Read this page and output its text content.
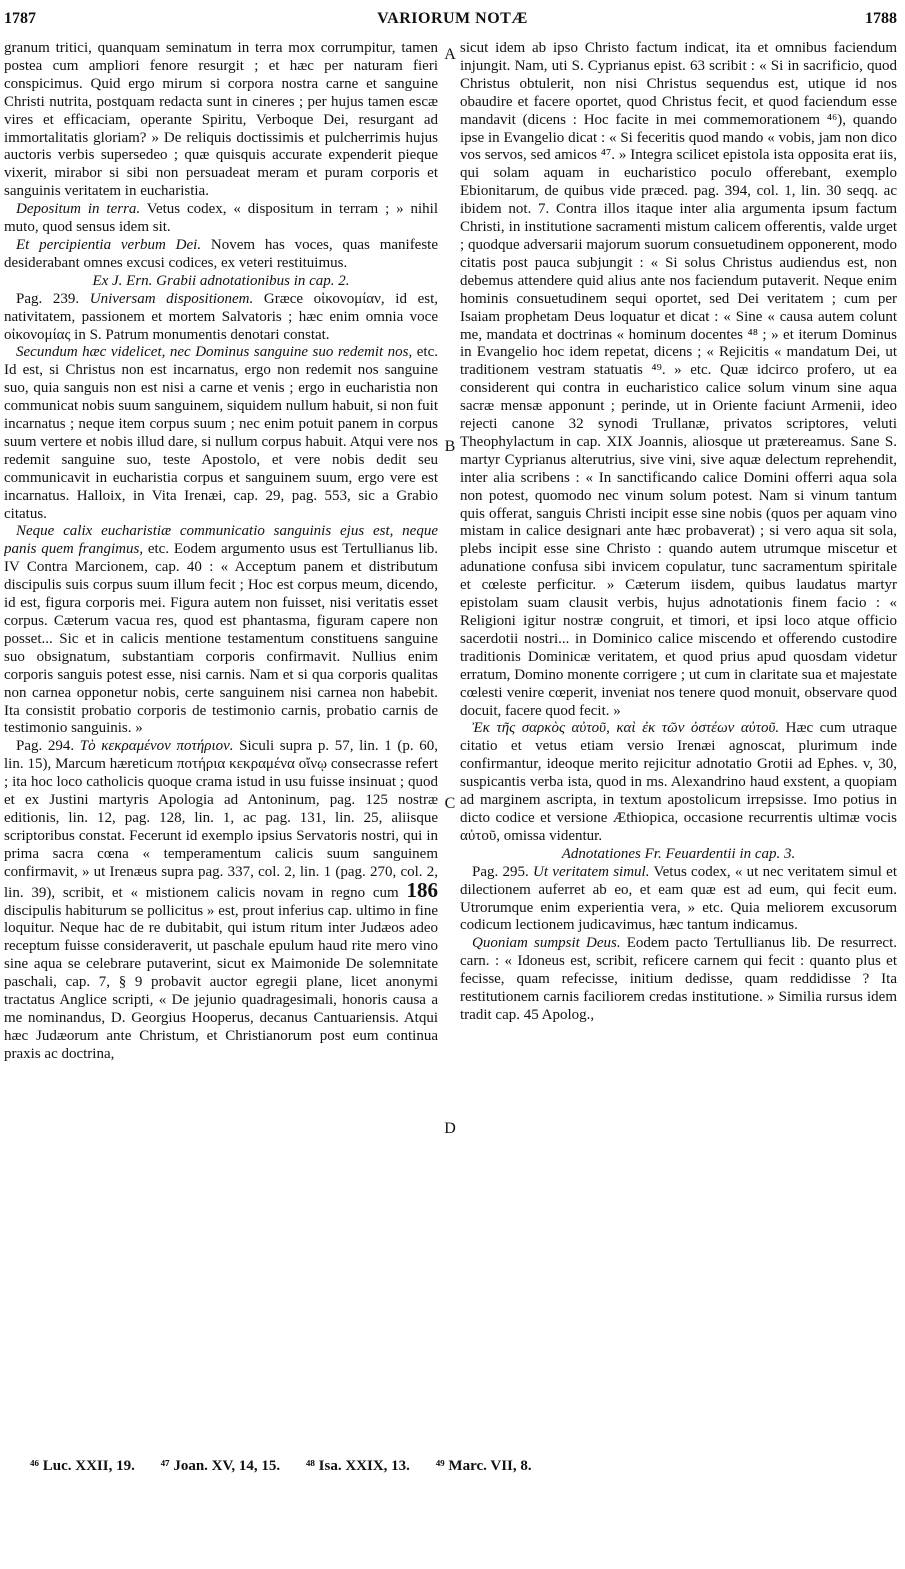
1787	VARIORUM NOTÆ	1788

granum tritici, quanquam seminatum in terra mox corrumpitur, tamen postea cum ampliori fenore resurgit ; et hæc per naturam fieri conspicimus. Quid ergo mirum si corpora nostra carne et sanguine Christi nutrita, postquam redacta sunt in cineres ; per hujus tamen escæ vires et efficaciam, operante Spiritu, Verboque Dei, resurgant ad immortalitatis gloriam? » De reliquis doctissimis et pulcherrimis hujus auctoris verbis supersedeo ; quæ quisquis accurate expenderit pieque vixerit, mirabor si sibi non persuadeat meram et puram corporis et sanguinis veritatem in eucharistia.

Depositum in terra. Vetus codex, « dispositum in terram ; » nihil muto, quod sensus idem sit.

Et percipientia verbum Dei. Novem has voces, quas manifeste desiderabant omnes excusi codices, ex veteri restituimus.

Ex J. Ern. Grabii adnotationibus in cap. 2.

Pag. 239. Universam dispositionem. Græce οἰκονομίαν, id est, nativitatem, passionem et mortem Salvatoris ; hæc enim omnia voce οἰκονομίας in S. Patrum monumentis denotari constat.

Secundum hæc videlicet, nec Dominus sanguine suo redemit nos, etc. Id est, si Christus non est incarnatus, ergo non redemit nos sanguine suo, quia sanguis non est nisi a carne et venis ; ergo in eucharistia non communicat nobis suum sanguinem, siquidem nullum habuit, si non fuit incarnatus ; neque item corpus suum ; nec enim potuit panem in corpus suum vertere et nobis illud dare, si nullum corpus habuit. Atqui vere nos redemit sanguine suo, teste Apostolo, et vere nobis dedit seu communicavit in eucharistia corpus et sanguinem suum, ergo vere est incarnatus. Halloix, in Vita Irenæi, cap. 29, pag. 553, sic a Grabio citatus.

Neque calix eucharistiæ communicatio sanguinis ejus est, neque panis quem frangimus, etc. Eodem argumento usus est Tertullianus lib. IV Contra Marcionem, cap. 40 : « Acceptum panem et distributum discipulis suis corpus suum illum fecit ; Hoc est corpus meum, dicendo, id est, figura corporis mei. Figura autem non fuisset, nisi veritatis esset corpus. Cæterum vacua res, quod est phantasma, figuram capere non posset... Sic et in calicis mentione testamentum constituens sanguine suo obsignatum, substantiam corporis confirmavit. Nullius enim corporis sanguis potest esse, nisi carnis. Nam et si qua corporis qualitas non carnea opponetur nobis, certe sanguinem nisi carnea non habebit. Ita consistit probatio corporis de testimonio carnis, probatio carnis de testimonio sanguinis. »

Pag. 294. Τὸ κεκραμένον ποτήριον. Siculi supra p. 57, lin. 1 (p. 60, lin. 15), Marcum hæreticum ποτήρια κεκραμένα οἴνῳ consecrasse refert ; ita hoc loco catholicis quoque crama istud in usu fuisse insinuat ; quod et ex Justini martyris Apologia ad Antoninum, pag. 125 nostræ editionis, lin. 12, pag. 128, lin. 1, ac pag. 131, lin. 25, aliisque scriptoribus constat. Fecerunt id exemplo ipsius Servatoris nostri, qui in prima sacra cœna « temperamentum calicis suum sanguinem confirmavit, » ut Irenæus supra pag. 337, col. 2, lin. 1 (pag. 270, col. 2, lin. 39), scribit, et « mistionem calicis novam in regno cum 186 discipulis habiturum se pollicitus » est, prout inferius cap. ultimo in fine loquitur. Neque hac de re dubitabit, qui istum ritum inter Judæos adeo receptum fuisse consideraverit, ut paschale epulum haud rite mero vino sine aqua se celebrare putaverint, sicut ex Maimonide De solemnitate paschali, cap. 7, § 9 probavit auctor egregii plane, licet anonymi tractatus Anglice scripti, « De jejunio quadragesimali, honoris causa a me nominandus, D. Georgius Hooperus, decanus Cantuariensis. Atqui hæc Judæorum ante Christum, et Christianorum post eum continua praxis ac doctrina,

A
B
C
D

sicut idem ab ipso Christo factum indicat, ita et omnibus faciendum injungit. Nam, uti S. Cyprianus epist. 63 scribit : « Si in sacrificio, quod Christus obtulerit, non nisi Christus sequendus est, utique id nos obaudire et facere oportet, quod Christus fecit, et quod faciendum esse mandavit (dicens : Hoc facite in mei commemorationem ⁴⁶), quando ipse in Evangelio dicat : « Si feceritis quod mando « vobis, jam non dico vos servos, sed amicos ⁴⁷. » Integra scilicet epistola ista opposita erat iis, qui solam aquam in eucharistico poculo offerebant, exemplo Ebionitarum, de quibus vide præced. pag. 394, col. 1, lin. 30 seqq. ac ibidem not. 7. Contra illos itaque inter alia argumenta ipsum factum Christi, in institutione sacramenti mistum calicem offerentis, valde urget ; quodque adversarii majorum suorum consuetudinem opponerent, modo citatis post pauca subjungit : « Si solus Christus audiendus est, non debemus attendere quid alius ante nos faciendum putaverit. Neque enim hominis consuetudinem sequi oportet, sed Dei veritatem ; cum per Isaiam prophetam Deus loquatur et dicat : « Sine « causa autem colunt me, mandata et doctrinas « hominum docentes ⁴⁸ ; » et iterum Dominus in Evangelio hoc idem repetat, dicens ; « Rejicitis « mandatum Dei, ut traditionem vestram statuatis ⁴⁹. » etc. Quæ idcirco profero, ut ea considerent qui contra in eucharistico calice solum vinum sine aqua sacræ mensæ apponunt ; perinde, ut in Oriente faciunt Armenii, ideo rejecti canone 32 synodi Trullanæ, privatos scriptores, veluti Theophylactum in cap. XIX Joannis, aliosque ut prætereamus. Sane S. martyr Cyprianus alterutrius, sive vini, sive aquæ delectum reprehendit, inter alia scribens : « In sanctificando calice Domini offerri aqua sola non potest, quomodo nec vinum solum potest. Nam si vinum tantum quis offerat, sanguis Christi incipit esse sine nobis (quos per aquam vino mistam in calice designari ante hæc probaverat) ; si vero aqua sit sola, plebs incipit esse sine Christo : quando autem utrumque miscetur et adunatione confusa sibi invicem copulatur, tunc sacramentum spiritale et cœleste perficitur. » Cæterum iisdem, quibus laudatus martyr epistolam suam clausit verbis, hujus adnotationis finem facio : « Religioni igitur nostræ congruit, et timori, et ipsi loco atque officio sacerdotii nostri... in Dominico calice miscendo et offerendo custodire traditionis Dominicæ veritatem, et quod prius apud quosdam videtur erratum, Domino monente corrigere ; ut cum in claritate sua et majestate cœlesti venire cœperit, inveniat nos tenere quod monuit, observare quod docuit, facere quod fecit. »

Ἐκ τῆς σαρκὸς αὐτοῦ, καὶ ἐκ τῶν ὀστέων αὐτοῦ. Hæc cum utraque citatio et vetus etiam versio Irenæi agnoscat, plurimum inde confirmantur, ideoque merito rejicitur adnotatio Grotii ad Ephes. v, 30, suspicantis verba ista, quod in ms. Alexandrino haud exstent, a quopiam ad marginem ascripta, in textum apostolicum irrepsisse. Imo potius in dicto codice et versione Æthiopica, occasione recurrentis ultimæ vocis αὐτοῦ, omissa videntur.

Adnotationes Fr. Feuardentii in cap. 3.

Pag. 295. Ut veritatem simul. Vetus codex, « ut nec veritatem simul et dilectionem auferret ab eo, et eam quæ est ad eum, qui fecit eum. Utrorumque enim experientia vera, » etc. Quia meliorem excusorum codicum lectionem judicavimus, hæc tantum indicamus.

Quoniam sumpsit Deus. Eodem pacto Tertullianus lib. De resurrect. carn. : « Idoneus est, scribit, reficere carnem qui fecit : quanto plus et fecisse, quam refecisse, initium dedisse, quam reddidisse ? Ita restitutionem carnis faciliorem credas institutione. » Similia rursus idem tradit cap. 45 Apolog.,

⁴⁶ Luc. XXII, 19. ⁴⁷ Joan. XV, 14, 15. ⁴⁸ Isa. XXIX, 13. ⁴⁹ Marc. VII, 8.
